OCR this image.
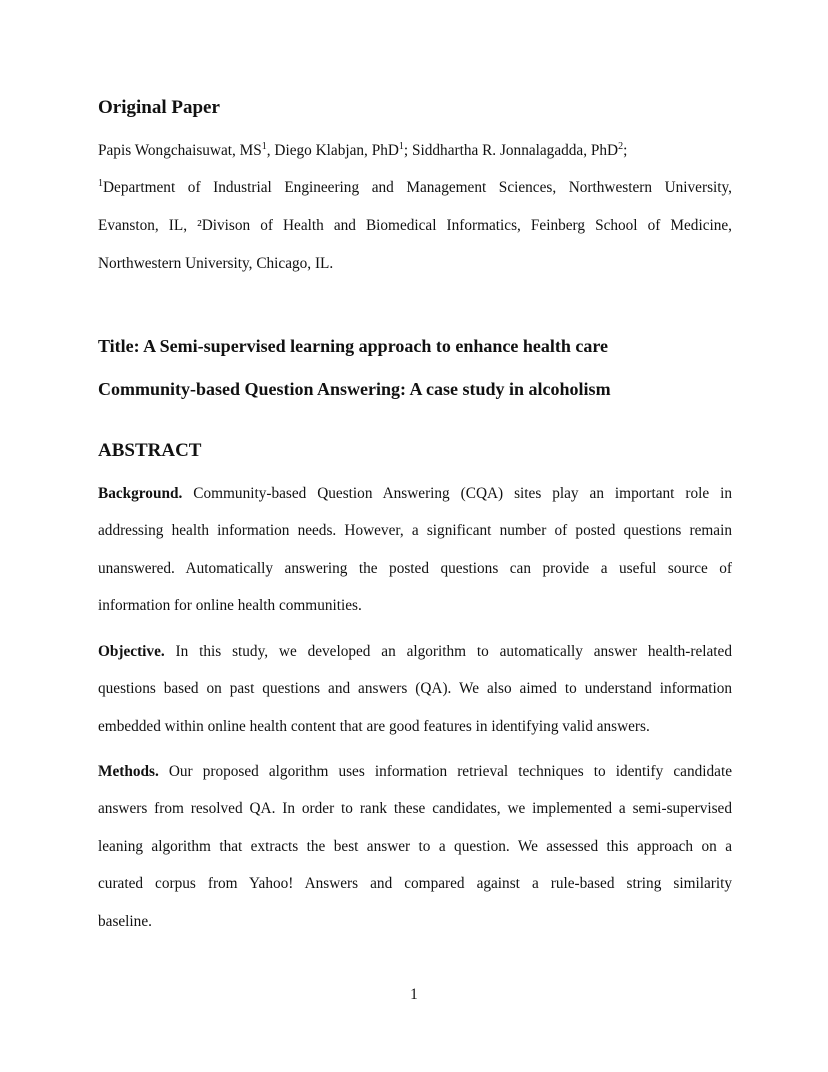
Original Paper

Papis Wongchaisuwat, $MS^1$, Diego Klabjan, PhD$^1$; Siddhartha R. Jonnalagadda, PhD$^2$;

$^1$Department of Industrial Engineering and Management Sciences, Northwestern University,

Evanston, IL, ²Divison of Health and Biomedical Informatics, Feinberg School of Medicine,

Northwestern University, Chicago, IL.

Title: A Semi-supervised learning approach to enhance health care
Community-based Question Answering: A case study in alcoholism
ABSTRACT

Background. Community-based Question Answering (CQA) sites play an important role in

addressing health information needs. However, a significant number of posted questions remain

unanswered. Automatically answering the posted questions can provide a useful source of

information for online health communities.

Objective. In this study, we developed an algorithm to automatically answer health-related

questions based on past questions and answers (QA). We also aimed to understand information

embedded within online health content that are good features in identifying valid answers.

Methods. Our proposed algorithm uses information retrieval techniques to identify candidate

answers from resolved QA. In order to rank these candidates, we implemented a semi-supervised

leaning algorithm that extracts the best answer to a question. We assessed this approach on a

curated corpus from Yahoo! Answers and compared against a rule-based string similarity

baseline.

1
